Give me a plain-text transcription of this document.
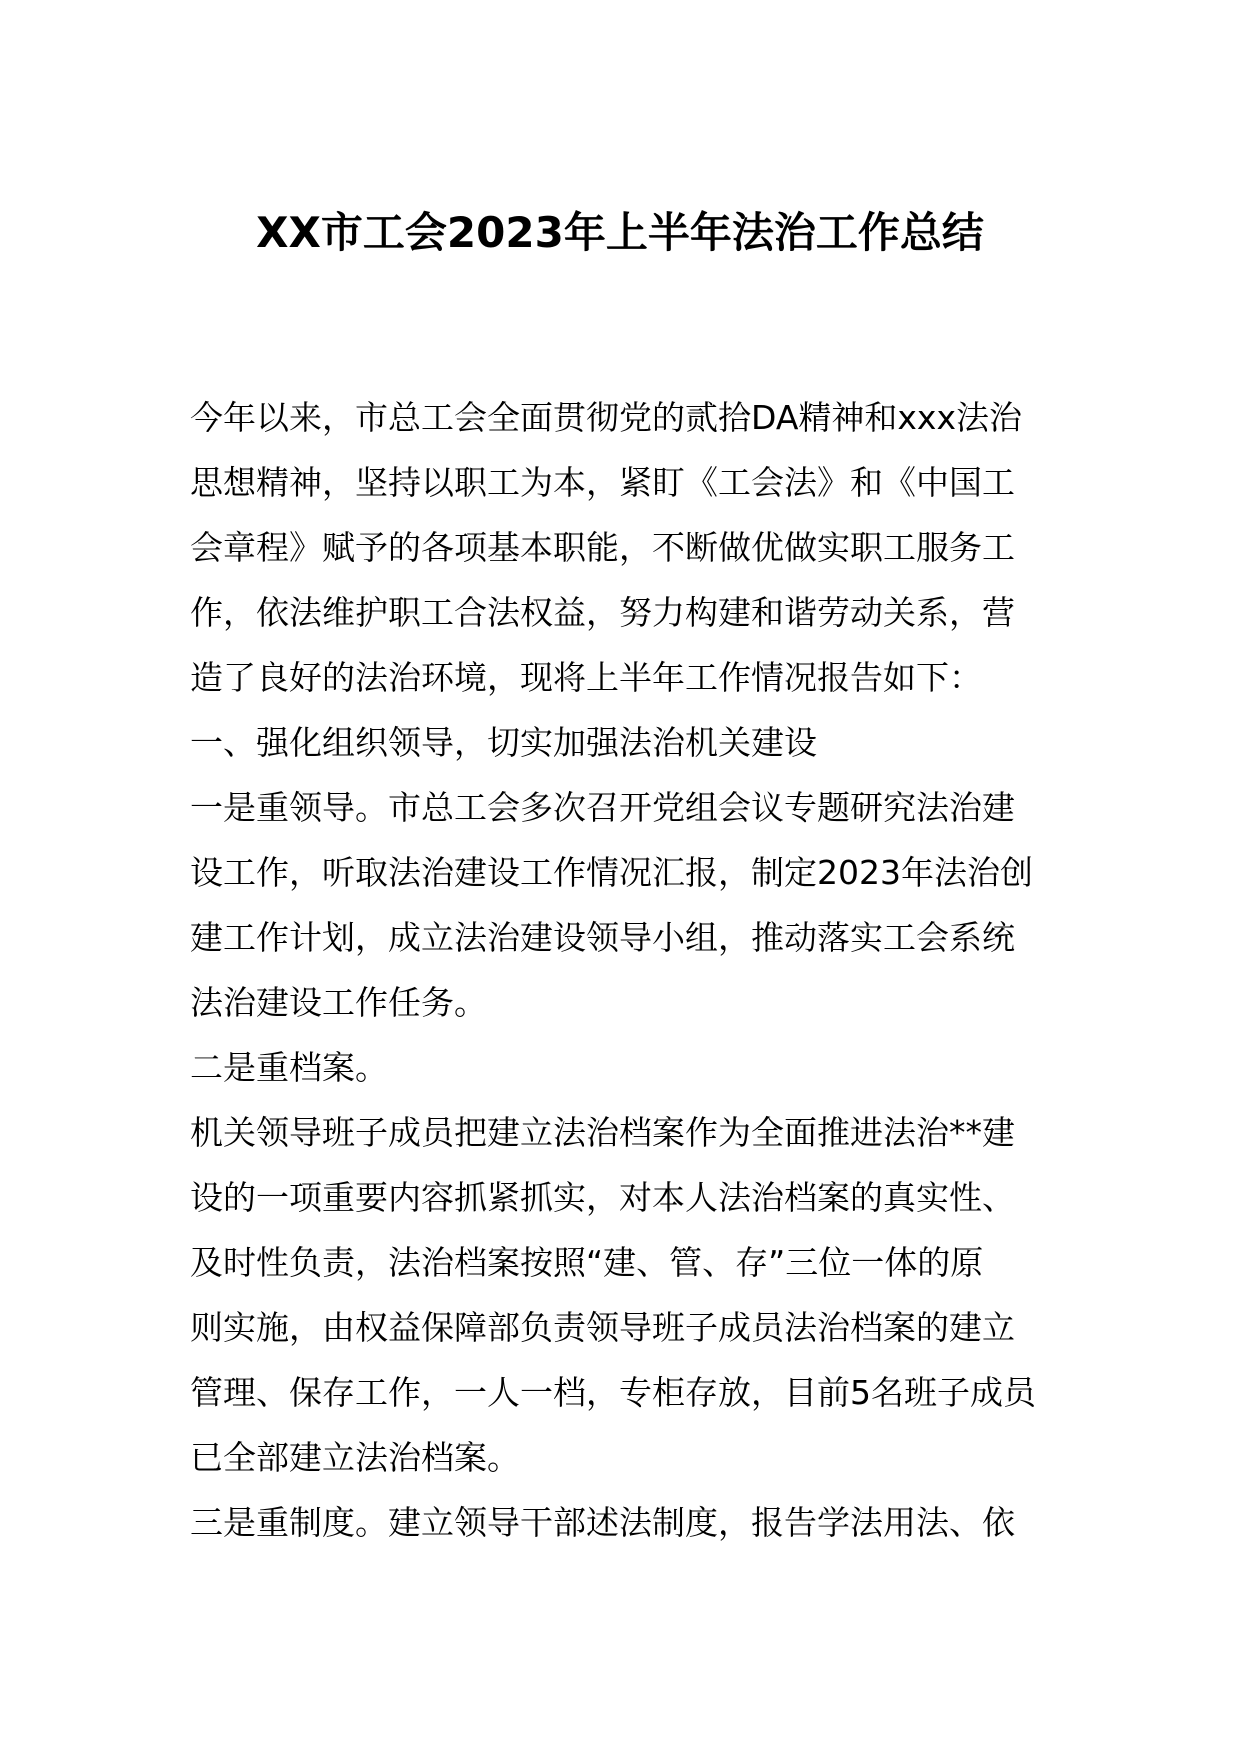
XX市工会2023年上半年法治工作总结
今年以来，市总工会全面贯彻党的贰拾DA精神和xxx法治
思想精神，坚持以职工为本，紧盯《工会法》和《中国工
会章程》赋予的各项基本职能，不断做优做实职工服务工
作，依法维护职工合法权益，努力构建和谐劳动关系，营
造了良好的法治环境，现将上半年工作情况报告如下：
一、强化组织领导，切实加强法治机关建设
一是重领导。市总工会多次召开党组会议专题研究法治建
设工作，听取法治建设工作情况汇报，制定2023年法治创
建工作计划，成立法治建设领导小组，推动落实工会系统
法治建设工作任务。
二是重档案。
机关领导班子成员把建立法治档案作为全面推进法治**建
设的一项重要内容抓紧抓实，对本人法治档案的真实性、
及时性负责，法治档案按照“建、管、存”三位一体的原
则实施，由权益保障部负责领导班子成员法治档案的建立
管理、保存工作，一人一档，专柜存放，目前5名班子成员
已全部建立法治档案。
三是重制度。建立领导干部述法制度，报告学法用法、依
